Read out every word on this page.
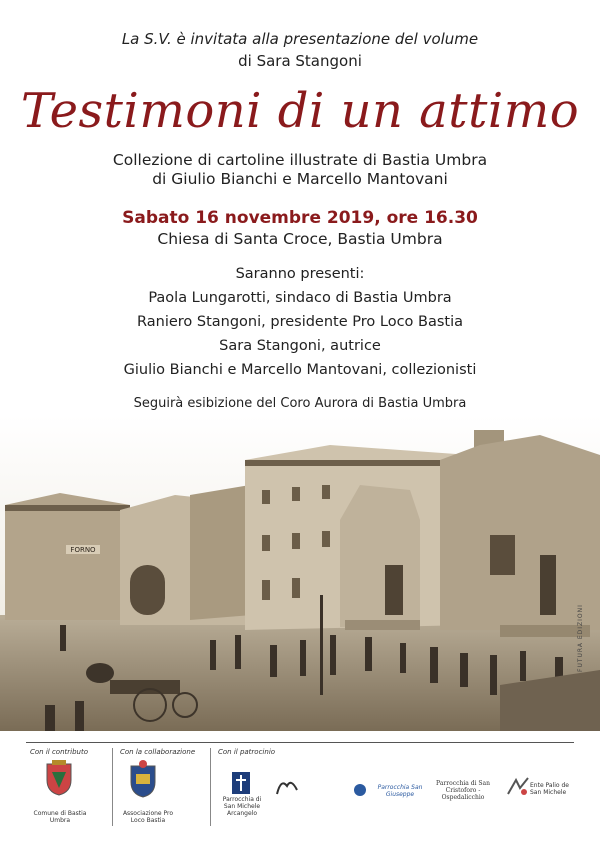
La S.V. è invitata alla presentazione del volume
di Sara Stangoni
Testimoni di un attimo
Collezione di cartoline illustrate di Bastia Umbra
di Giulio Bianchi e Marcello Mantovani
Sabato 16 novembre 2019, ore 16.30
Chiesa di Santa Croce, Bastia Umbra
Saranno presenti:
Paola Lungarotti, sindaco di Bastia Umbra
Raniero Stangoni, presidente Pro Loco Bastia
Sara Stangoni, autrice
Giulio Bianchi e Marcello Mantovani, collezionisti
Seguirà esibizione del Coro Aurora di Bastia Umbra
FORNO
FUTURA EDIZIONI
Con il contributo
Comune di Bastia Umbra
Con la collaborazione
Associazione Pro Loco Bastia
Con il patrocinio
Parrocchia di San Michele Arcangelo
Parrocchia San Giuseppe
Parrocchia di San Cristoforo - Ospedalicchio
Ente Palio de San Michele
